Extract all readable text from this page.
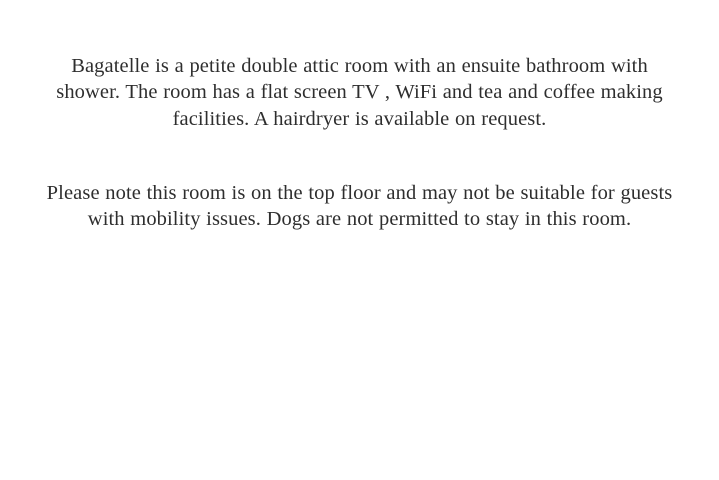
Bagatelle is a petite double attic room with an ensuite bathroom with shower. The room has a flat screen TV , WiFi and tea and coffee making facilities. A hairdryer is available on request.

Please note this room is on the top floor and may not be suitable for guests with mobility issues. Dogs are not permitted to stay in this room.
